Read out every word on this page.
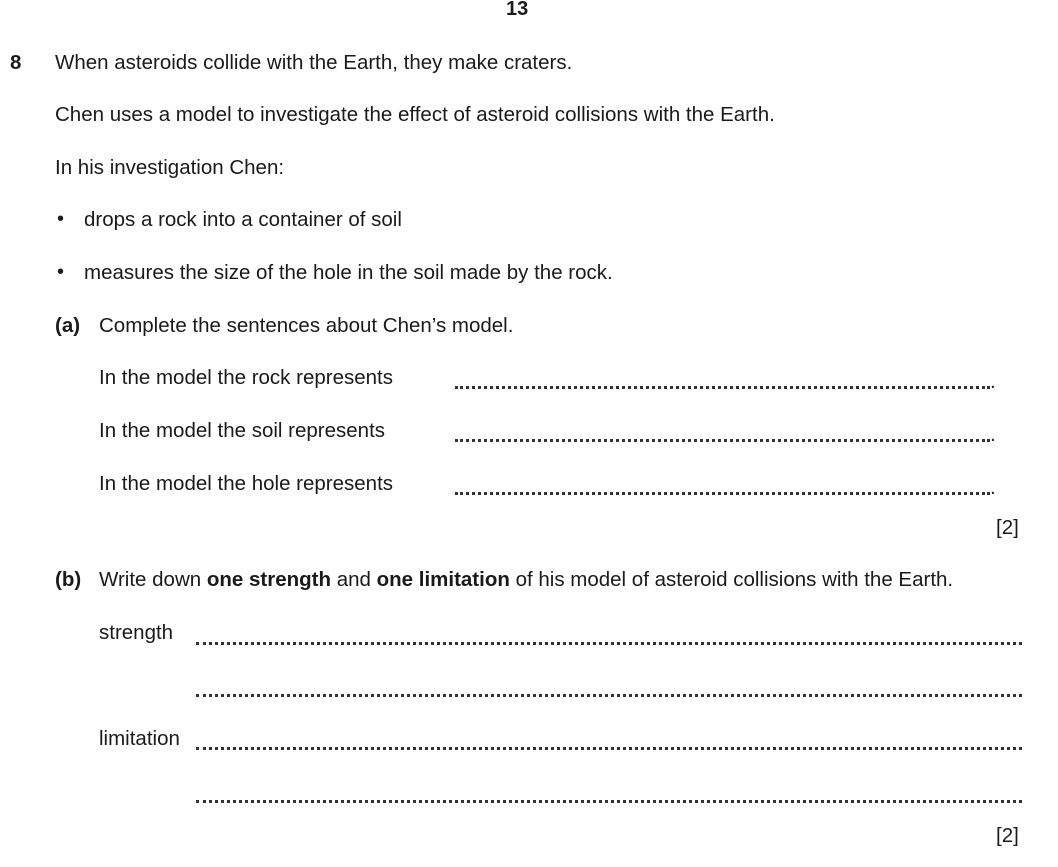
13
8 When asteroids collide with the Earth, they make craters.
Chen uses a model to investigate the effect of asteroid collisions with the Earth.
In his investigation Chen:
• drops a rock into a container of soil
• measures the size of the hole in the soil made by the rock.
(a) Complete the sentences about Chen’s model.
In the model the rock represents	.
In the model the soil represents	.
In the model the hole represents	.
[2]
(b) Write down one strength and one limitation of his model of asteroid collisions with the Earth.
strength
limitation
[2]
